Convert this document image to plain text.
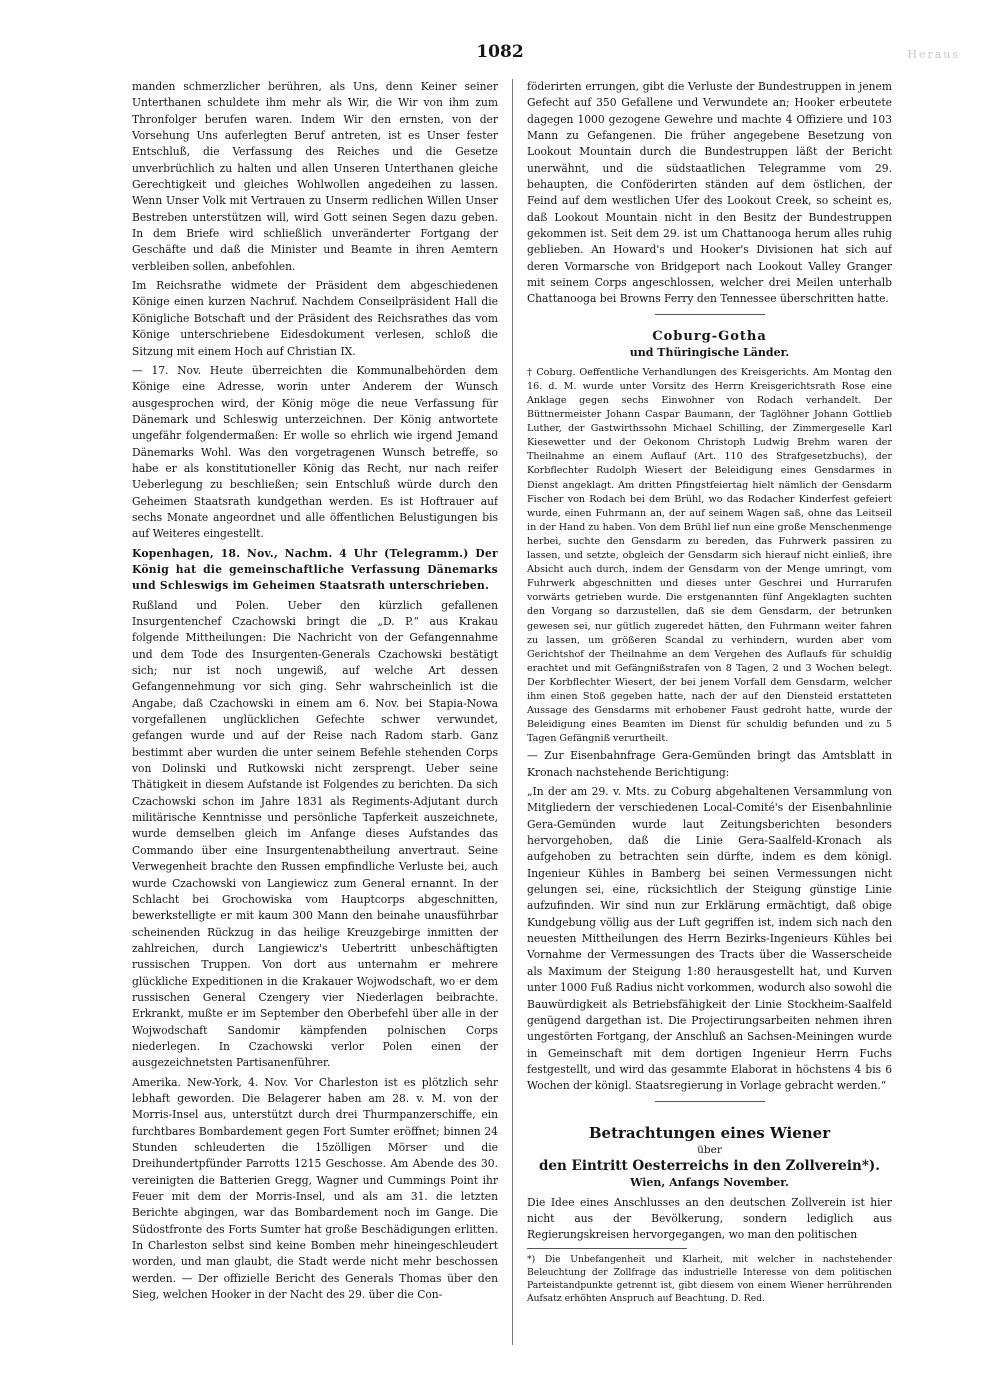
1082	Heraus

manden schmerzlicher berühren, als Uns, denn Keiner seiner Unterthanen schuldete ihm mehr als Wir, die Wir von ihm zum Thronfolger berufen waren. Indem Wir den ernsten, von der Vorsehung Uns auferlegten Beruf antreten, ist es Unser fester Entschluß, die Verfassung des Reiches und die Gesetze unverbrüchlich zu halten und allen Unseren Unterthanen gleiche Gerechtigkeit und gleiches Wohlwollen angedeihen zu lassen. Wenn Unser Volk mit Vertrauen zu Unserm redlichen Willen Unser Bestreben unterstützen will, wird Gott seinen Segen dazu geben. In dem Briefe wird schließlich unveränderter Fortgang der Geschäfte und daß die Minister und Beamte in ihren Aemtern verbleiben sollen, anbefohlen.

Im Reichsrathe widmete der Präsident dem abgeschiedenen Könige einen kurzen Nachruf. Nachdem Conseilpräsident Hall die Königliche Botschaft und der Präsident des Reichsrathes das vom Könige unterschriebene Eidesdokument verlesen, schloß die Sitzung mit einem Hoch auf Christian IX.

— 17. Nov. Heute überreichten die Kommunalbehörden dem Könige eine Adresse, worin unter Anderem der Wunsch ausgesprochen wird, der König möge die neue Verfassung für Dänemark und Schleswig unterzeichnen. Der König antwortete ungefähr folgendermaßen: Er wolle so ehrlich wie irgend Jemand Dänemarks Wohl. Was den vorgetragenen Wunsch betreffe, so habe er als konstitutioneller König das Recht, nur nach reifer Ueberlegung zu beschließen; sein Entschluß würde durch den Geheimen Staatsrath kundgethan werden. Es ist Hoftrauer auf sechs Monate angeordnet und alle öffentlichen Belustigungen bis auf Weiteres eingestellt.

Kopenhagen, 18. Nov., Nachm. 4 Uhr (Telegramm.) Der König hat die gemeinschaftliche Verfassung Dänemarks und Schleswigs im Geheimen Staatsrath unterschrieben.

Rußland und Polen. Ueber den kürzlich gefallenen Insurgentenchef Czachowski bringt die „D. P.“ aus Krakau folgende Mittheilungen: Die Nachricht von der Gefangennahme und dem Tode des Insurgenten-Generals Czachowski bestätigt sich; nur ist noch ungewiß, auf welche Art dessen Gefangennehmung vor sich ging. Sehr wahrscheinlich ist die Angabe, daß Czachowski in einem am 6. Nov. bei Stapia-Nowa vorgefallenen unglücklichen Gefechte schwer verwundet, gefangen wurde und auf der Reise nach Radom starb. Ganz bestimmt aber wurden die unter seinem Befehle stehenden Corps von Dolinski und Rutkowski nicht zersprengt. Ueber seine Thätigkeit in diesem Aufstande ist Folgendes zu berichten. Da sich Czachowski schon im Jahre 1831 als Regiments-Adjutant durch militärische Kenntnisse und persönliche Tapferkeit auszeichnete, wurde demselben gleich im Anfange dieses Aufstandes das Commando über eine Insurgentenabtheilung anvertraut. Seine Verwegenheit brachte den Russen empfindliche Verluste bei, auch wurde Czachowski von Langiewicz zum General ernannt. In der Schlacht bei Grochowiska vom Hauptcorps abgeschnitten, bewerkstelligte er mit kaum 300 Mann den beinahe unausführbar scheinenden Rückzug in das heilige Kreuzgebirge inmitten der zahlreichen, durch Langiewicz's Uebertritt unbeschäftigten russischen Truppen. Von dort aus unternahm er mehrere glückliche Expeditionen in die Krakauer Wojwodschaft, wo er dem russischen General Czengery vier Niederlagen beibrachte. Erkrankt, mußte er im September den Oberbefehl über alle in der Wojwodschaft Sandomir kämpfenden polnischen Corps niederlegen. In Czachowski verlor Polen einen der ausgezeichnetsten Partisanenführer.

Amerika. New-York, 4. Nov. Vor Charleston ist es plötzlich sehr lebhaft geworden. Die Belagerer haben am 28. v. M. von der Morris-Insel aus, unterstützt durch drei Thurmpanzerschiffe, ein furchtbares Bombardement gegen Fort Sumter eröffnet; binnen 24 Stunden schleuderten die 15zölligen Mörser und die Dreihundertpfünder Parrotts 1215 Geschosse. Am Abende des 30. vereinigten die Batterien Gregg, Wagner und Cummings Point ihr Feuer mit dem der Morris-Insel, und als am 31. die letzten Berichte abgingen, war das Bombardement noch im Gange. Die Südostfronte des Forts Sumter hat große Beschädigungen erlitten. In Charleston selbst sind keine Bomben mehr hineingeschleudert worden, und man glaubt, die Stadt werde nicht mehr beschossen werden. — Der offizielle Bericht des Generals Thomas über den Sieg, welchen Hooker in der Nacht des 29. über die Con-

föderirten errungen, gibt die Verluste der Bundestruppen in jenem Gefecht auf 350 Gefallene und Verwundete an; Hooker erbeutete dagegen 1000 gezogene Gewehre und machte 4 Offiziere und 103 Mann zu Gefangenen. Die früher angegebene Besetzung von Lookout Mountain durch die Bundestruppen läßt der Bericht unerwähnt, und die südstaatlichen Telegramme vom 29. behaupten, die Conföderirten ständen auf dem östlichen, der Feind auf dem westlichen Ufer des Lookout Creek, so scheint es, daß Lookout Mountain nicht in den Besitz der Bundestruppen gekommen ist. Seit dem 29. ist um Chattanooga herum alles ruhig geblieben. An Howard's und Hooker's Divisionen hat sich auf deren Vormarsche von Bridgeport nach Lookout Valley Granger mit seinem Corps angeschlossen, welcher drei Meilen unterhalb Chattanooga bei Browns Ferry den Tennessee überschritten hatte.

Coburg-Gotha

und Thüringische Länder.

† Coburg. Oeffentliche Verhandlungen des Kreisgerichts. Am Montag den 16. d. M. wurde unter Vorsitz des Herrn Kreisgerichtsrath Rose eine Anklage gegen sechs Einwohner von Rodach verhandelt. Der Büttnermeister Johann Caspar Baumann, der Taglöhner Johann Gottlieb Luther, der Gastwirthssohn Michael Schilling, der Zimmergeselle Karl Kiesewetter und der Oekonom Christoph Ludwig Brehm waren der Theilnahme an einem Auflauf (Art. 110 des Strafgesetzbuchs), der Korbflechter Rudolph Wiesert der Beleidigung eines Gensdarmes in Dienst angeklagt. Am dritten Pfingstfeiertag hielt nämlich der Gensdarm Fischer von Rodach bei dem Brühl, wo das Rodacher Kinderfest gefeiert wurde, einen Fuhrmann an, der auf seinem Wagen saß, ohne das Leitseil in der Hand zu haben. Von dem Brühl lief nun eine große Menschenmenge herbei, suchte den Gensdarm zu bereden, das Fuhrwerk passiren zu lassen, und setzte, obgleich der Gensdarm sich hierauf nicht einließ, ihre Absicht auch durch, indem der Gensdarm von der Menge umringt, vom Fuhrwerk abgeschnitten und dieses unter Geschrei und Hurrarufen vorwärts getrieben wurde. Die erstgenannten fünf Angeklagten suchten den Vorgang so darzustellen, daß sie dem Gensdarm, der betrunken gewesen sei, nur gütlich zugeredet hätten, den Fuhrmann weiter fahren zu lassen, um größeren Scandal zu verhindern, wurden aber vom Gerichtshof der Theilnahme an dem Vergehen des Auflaufs für schuldig erachtet und mit Gefängnißstrafen von 8 Tagen, 2 und 3 Wochen belegt. Der Korbflechter Wiesert, der bei jenem Vorfall dem Gensdarm, welcher ihm einen Stoß gegeben hatte, nach der auf den Diensteid erstatteten Aussage des Gensdarms mit erhobener Faust gedroht hatte, wurde der Beleidigung eines Beamten im Dienst für schuldig befunden und zu 5 Tagen Gefängniß verurtheilt.

— Zur Eisenbahnfrage Gera-Gemünden bringt das Amtsblatt in Kronach nachstehende Berichtigung:

„In der am 29. v. Mts. zu Coburg abgehaltenen Versammlung von Mitgliedern der verschiedenen Local-Comité's der Eisenbahnlinie Gera-Gemünden wurde laut Zeitungsberichten besonders hervorgehoben, daß die Linie Gera-Saalfeld-Kronach als aufgehoben zu betrachten sein dürfte, indem es dem königl. Ingenieur Kühles in Bamberg bei seinen Vermessungen nicht gelungen sei, eine, rücksichtlich der Steigung günstige Linie aufzufinden. Wir sind nun zur Erklärung ermächtigt, daß obige Kundgebung völlig aus der Luft gegriffen ist, indem sich nach den neuesten Mittheilungen des Herrn Bezirks-Ingenieurs Kühles bei Vornahme der Vermessungen des Tracts über die Wasserscheide als Maximum der Steigung 1:80 herausgestellt hat, und Kurven unter 1000 Fuß Radius nicht vorkommen, wodurch also sowohl die Bauwürdigkeit als Betriebsfähigkeit der Linie Stockheim-Saalfeld genügend dargethan ist. Die Projectirungsarbeiten nehmen ihren ungestörten Fortgang, der Anschluß an Sachsen-Meiningen wurde in Gemeinschaft mit dem dortigen Ingenieur Herrn Fuchs festgestellt, und wird das gesammte Elaborat in höchstens 4 bis 6 Wochen der königl. Staatsregierung in Vorlage gebracht werden.“

Betrachtungen eines Wiener

über

den Eintritt Oesterreichs in den Zollverein*).

Wien, Anfangs November.

Die Idee eines Anschlusses an den deutschen Zollverein ist hier nicht aus der Bevölkerung, sondern lediglich aus Regierungskreisen hervorgegangen, wo man den politischen

*) Die Unbefangenheit und Klarheit, mit welcher in nachstehender Beleuchtung der Zollfrage das industrielle Interesse von dem politischen Parteistandpunkte getrennt ist, gibt diesem von einem Wiener herrührenden Aufsatz erhöhten Anspruch auf Beachtung. D. Red.
